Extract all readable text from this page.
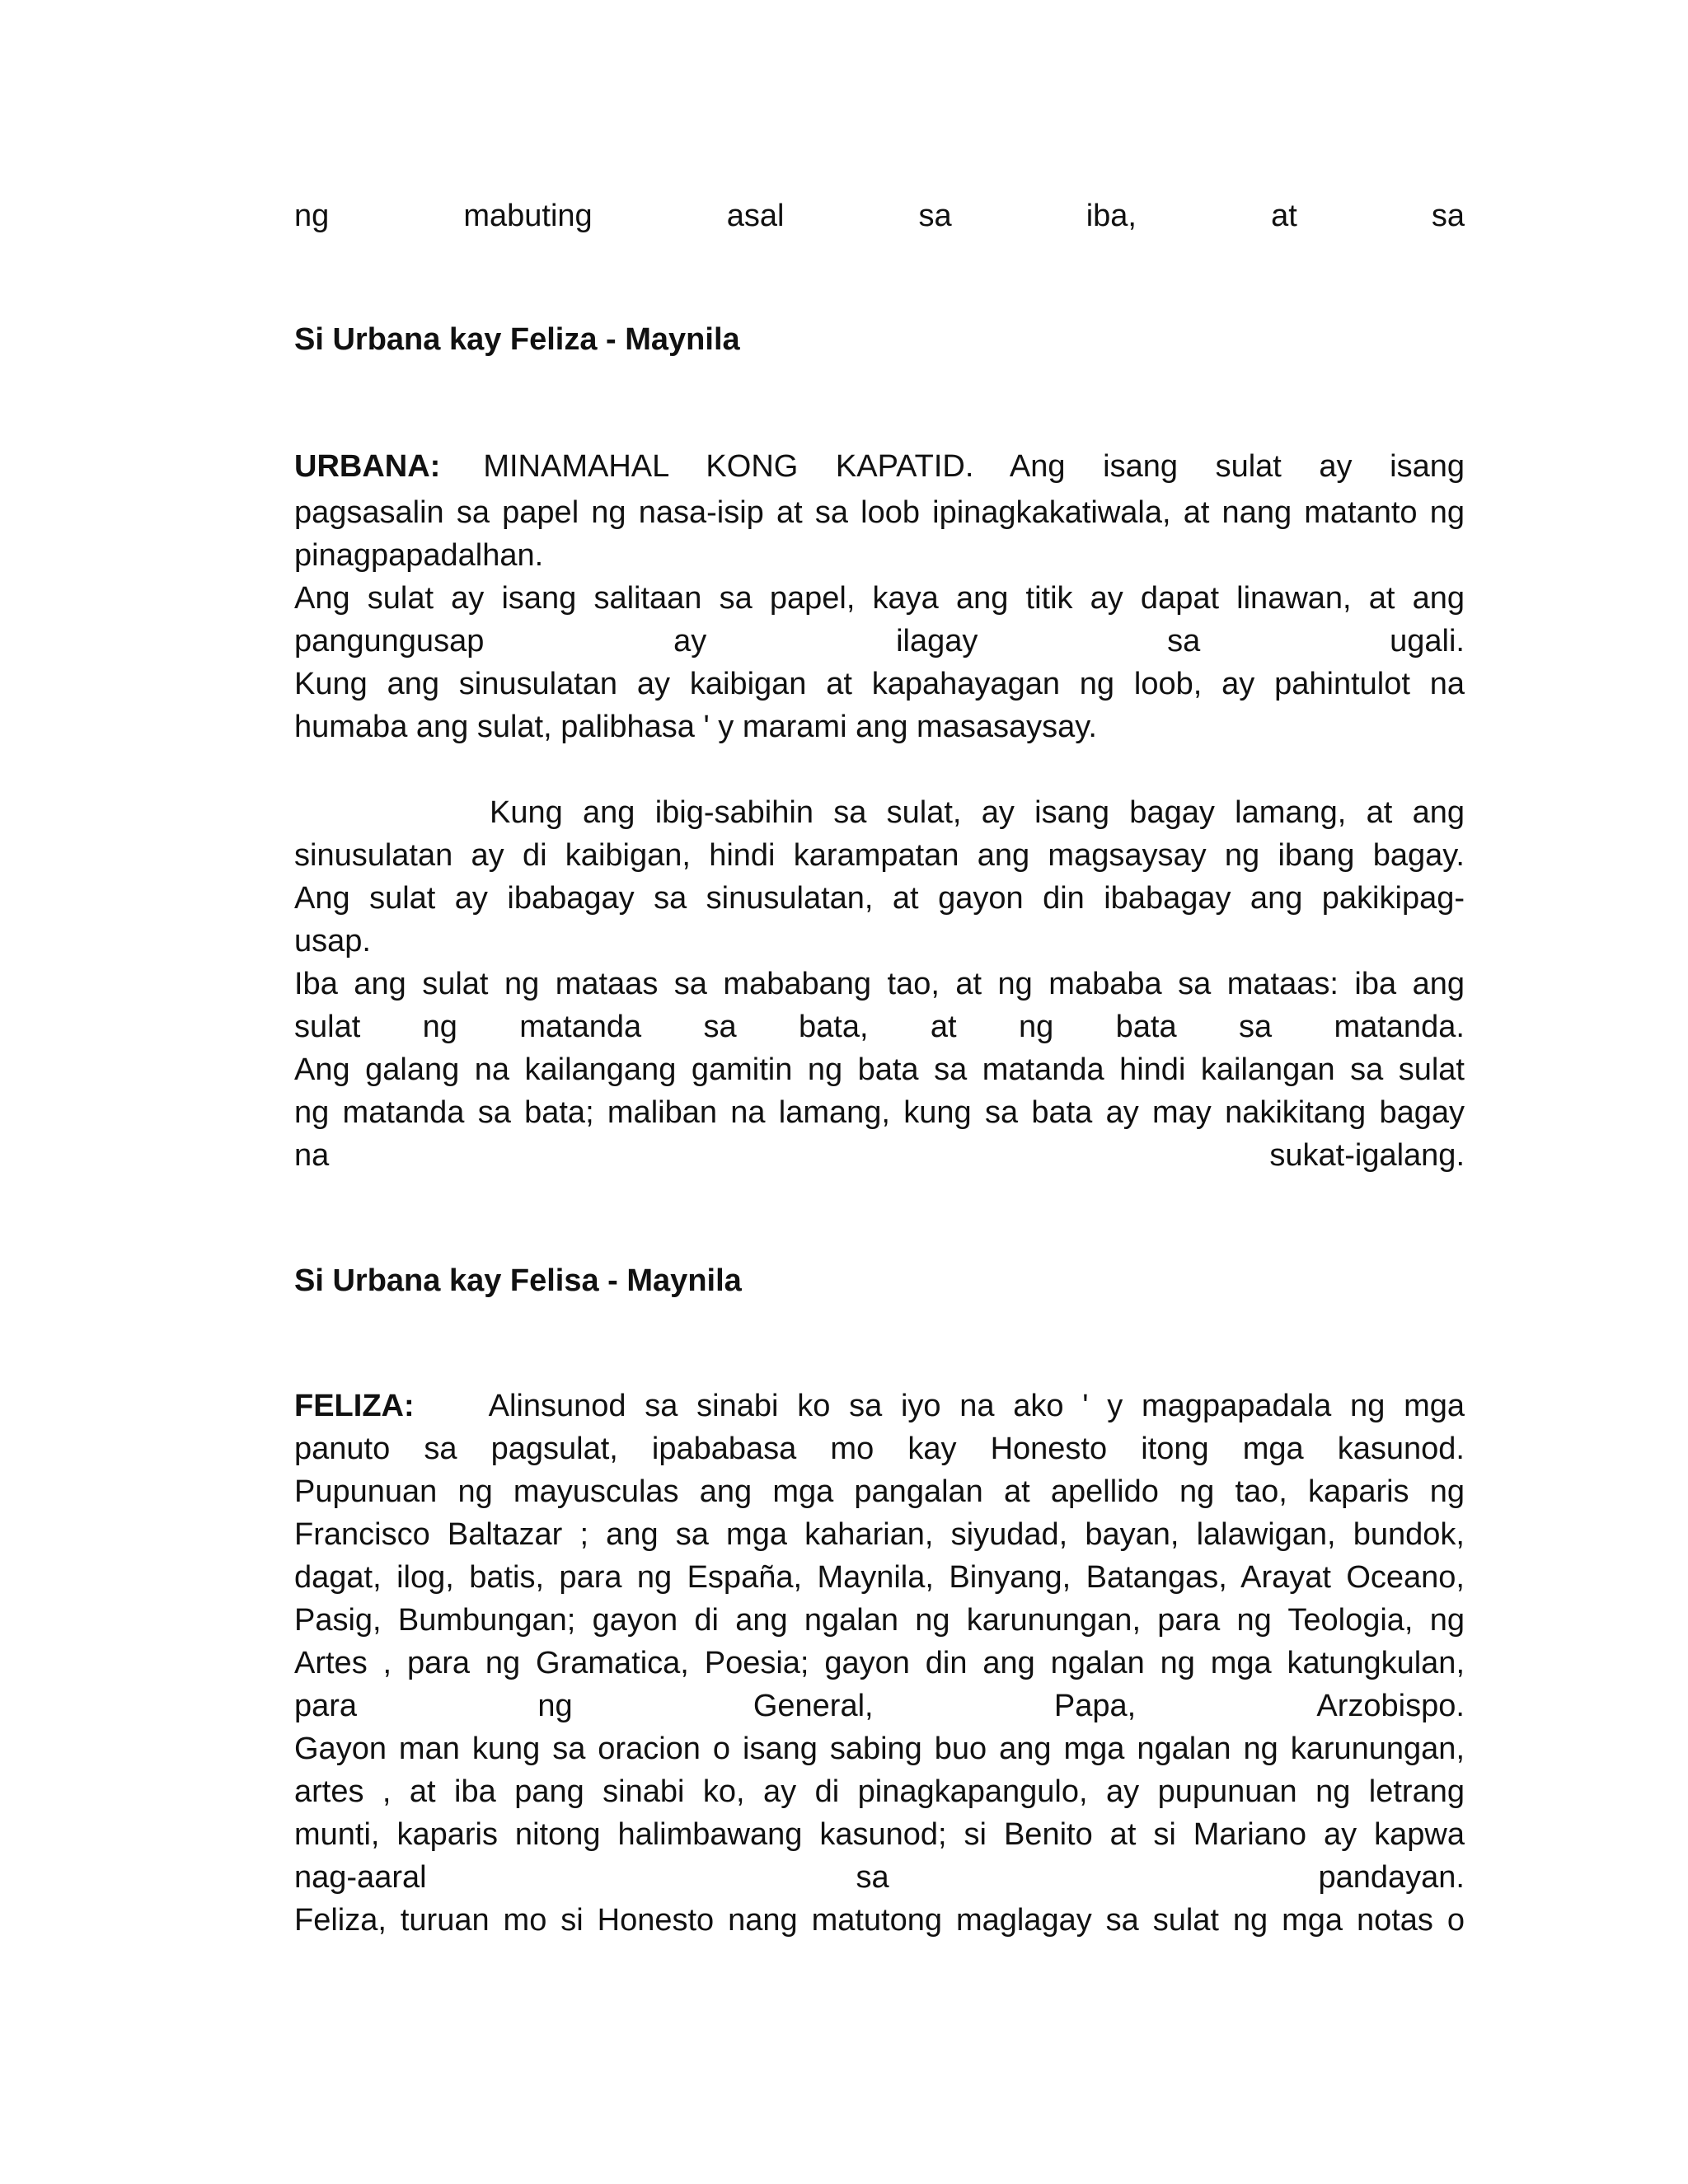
ng	mabuting	asal	sa	iba,	at	sa
Si Urbana kay Feliza - Maynila
URBANA:	MINAMAHAL KONG KAPATID. Ang isang sulat ay isang
pagsasalin sa papel ng nasa-isip at sa loob ipinagkakatiwala, at nang matanto ng
pinagpapadalhan.
Ang sulat ay isang salitaan sa papel, kaya ang titik ay dapat linawan, at ang
pangungusap	ay	ilagay	sa	ugali.
Kung ang sinusulatan ay kaibigan at kapahayagan ng loob, ay pahintulot na
humaba ang sulat, palibhasa ' y marami ang masasaysay.
Kung ang ibig-sabihin sa sulat, ay isang bagay lamang, at ang
sinusulatan ay di kaibigan, hindi karampatan ang magsaysay ng ibang bagay.
Ang sulat ay ibabagay sa sinusulatan, at gayon din ibabagay ang pakikipag-
usap.
Iba ang sulat ng mataas sa mababang tao, at ng mababa sa mataas: iba ang
sulat ng matanda sa bata, at ng bata sa matanda.
Ang galang na kailangang gamitin ng bata sa matanda hindi kailangan sa sulat
ng matanda sa bata; maliban na lamang, kung sa bata ay may nakikitang bagay
na	sukat-igalang.
Si Urbana kay Felisa - Maynila
FELIZA:	Alinsunod sa sinabi ko sa iyo na ako ' y magpapadala ng mga
panuto sa pagsulat, ipababasa mo kay Honesto itong mga kasunod.
Pupunuan ng mayusculas ang mga pangalan at apellido ng tao, kaparis ng
Francisco Baltazar ; ang sa mga kaharian, siyudad, bayan, lalawigan, bundok,
dagat, ilog, batis, para ng España, Maynila, Binyang, Batangas, Arayat Oceano,
Pasig, Bumbungan; gayon di ang ngalan ng karunungan, para ng Teologia, ng
Artes , para ng Gramatica, Poesia; gayon din ang ngalan ng mga katungkulan,
para	ng	General,	Papa,	Arzobispo.
Gayon man kung sa oracion o isang sabing buo ang mga ngalan ng karunungan,
artes , at iba pang sinabi ko, ay di pinagkapangulo, ay pupunuan ng letrang
munti, kaparis nitong halimbawang kasunod; si Benito at si Mariano ay kapwa
nag-aaral	sa	pandayan.
Feliza, turuan mo si Honesto nang matutong maglagay sa sulat ng mga notas o
